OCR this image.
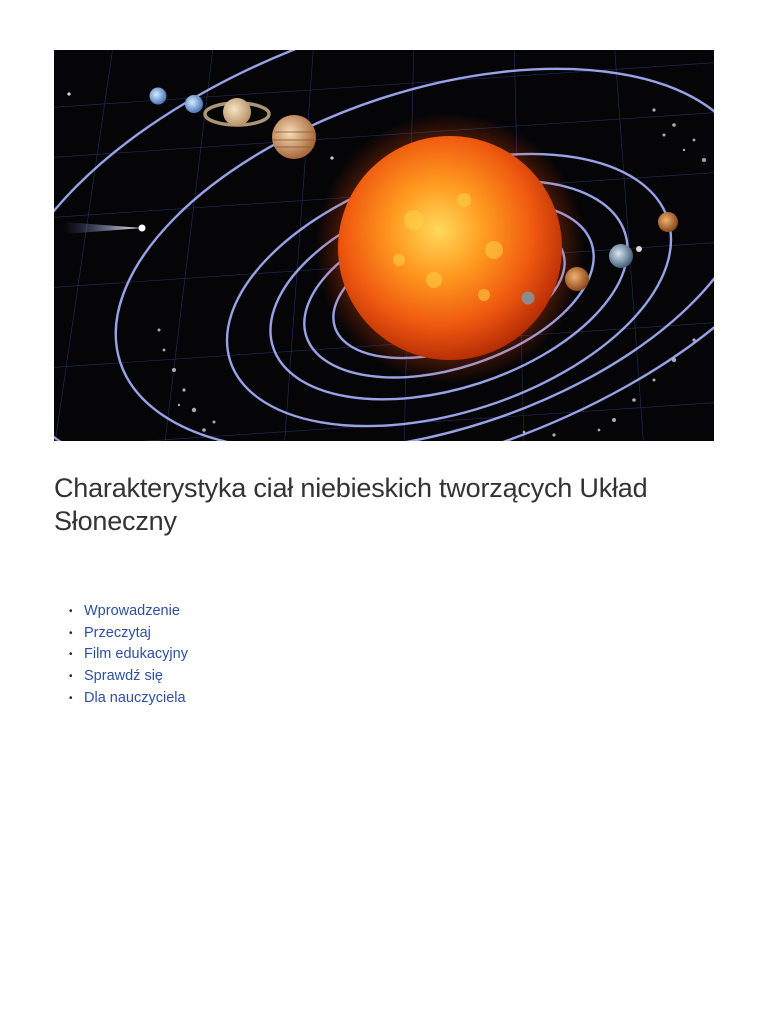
Charakterystyka ciał niebieskich tworzących Układ Słoneczny
• Wprowadzenie
• Przeczytaj
• Film edukacyjny
• Sprawdź się
• Dla nauczyciela
